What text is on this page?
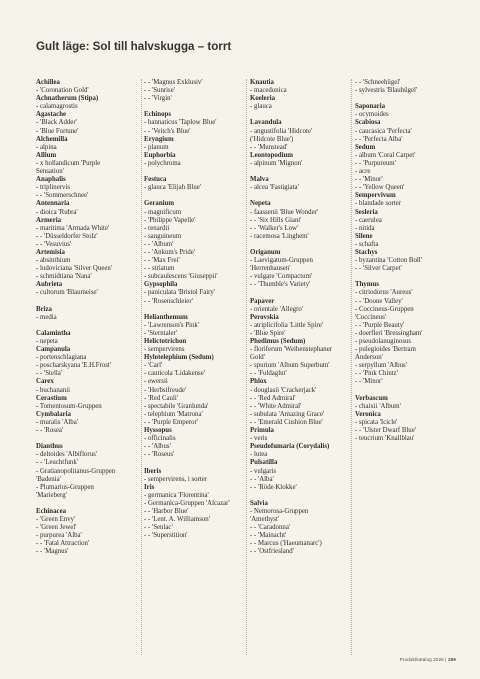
Gult läge: Sol till halvskugga – torrt
Achillea
- 'Coronation Gold'
Achnatherum (Stipa)
- calamagrostis
Agastache
- 'Black Adder'
- 'Blue Fortune'
Alchemilla
- alpina
Allium
- x hollandicum 'Purple
Sensation'
Anaphalis
- triplinervis
- - 'Sommerschnee'
Antennaria
- dioica 'Rubra'
Armeria
- maritima 'Armada White'
- - 'Düsseldorfer Stolz'
- - 'Vesuvius'
Artemisia
- absinthium
- ludoviciana 'Silver Queen'
- schmidtiana 'Nana'
Aubrieta
- cultorum 'Blaumeise'
Briza
- media
Calamintha
- nepeta
Campanula
- portenschlagiana
- poscharskyana 'E.H.Frost'
- - 'Stella'
Carex
- buchananii
Cerastium
- Tomentosum-Gruppen
Cymbalaria
- muralis 'Alba'
- - 'Rosea'
Dianthus
- deltoides 'Albiflorus'
- - 'Leuchtfunk'
- Gratianopolitanus-Gruppen
'Badenia'
- Plumarius-Gruppen
'Marieberg'
Echinacea
- 'Green Envy'
- 'Green Jewel'
- purpurea 'Alba'
- - 'Fatal Attraction'
- - 'Magnus'
- - 'Magnus Exklusiv'
- - 'Sunrise'
- - 'Virgin'
Echinops
- bannaticus 'Taplow Blue'
- - 'Veitch's Blue'
Eryngium
- planum
Euphorbia
- polychroma
Festuca
- glauca 'Elijah Blue'
Geranium
- magnificum
- 'Philippe Vapelle'
- renardii
- sanguineum
- - 'Album'
- - 'Ankum's Pride'
- - 'Max Frei'
- - striatum
- subcaulescens 'Giuseppii'
Gypsophila
- paniculata 'Bristol Fairy'
- - 'Rosenschleier'
Helianthemum
- 'Lawrenson's Pink'
- 'Sterntaler'
Helictotrichon
- sempervirens
Hylotelephium (Sedum)
- 'Carl'
- cauticola 'Lidakense'
- ewersii
- 'Herbstfreude'
- 'Red Cauli'
- spectabile 'Granlunda'
- telephium 'Matrona'
- - 'Purple Emperor'
Hyssopus
- officinalis
- - 'Albus'
- - 'Roseus'
Iberis
- sempervirens, i sorter
Iris
- germanica 'Florentina'
- Germanica-Gruppen 'Alcazar'
- - 'Harbor Blue'
- - 'Lent. A. Williamson'
- - 'Senlac'
- - 'Superstition'
Knautia
- macedonica
Koeleria
- glauca
Lavandula
- angustifolia 'Hidcote'
('Hidcote Blue')
- - 'Munstead'
Leontopodium
- alpinum 'Mignon'
Malva
- alcea 'Fastigiata'
Nepeta
- faassenii 'Blue Wonder'
- - 'Six Hills Giant'
- - 'Walker's Low'
- racemosa 'Linghem'
Origanum
- Laevigatum-Gruppen
'Herrenhausen'
- vulgare 'Compactum'
- - 'Thumble's Variety'
Papaver
- orientale 'Allegro'
Perovskia
- atriplicifolia 'Little Spire'
- 'Blue Spire'
Phedimus (Sedum)
- floriferum 'Weihenstephaner
Gold'
- spurium 'Album Superbum'
- - 'Fuldaglut'
Phlox
- douglasii 'Crackerjack'
- - 'Red Admiral'
- - 'White Admiral'
- subulata 'Amazing Grace'
- - 'Emerald Cushion Blue'
Primula
- veris
Pseudofumaria (Corydalis)
- lutea
Pulsatilla
- vulgaris
- - 'Alba'
- - 'Röde Klokke'
Salvia
- Nemorosa-Gruppen
'Amethyst'
- - 'Caradonna'
- - 'Mainacht'
- - Marcus ('Haeumanarc')
- - 'Ostfriesland'
- - 'Schneehügel'
- sylvestris 'Blauhügel'
Saponaria
- ocymoides
Scabiosa
- caucasica 'Perfecta'
- - 'Perfecta Alba'
Sedum
- album 'Coral Carpet'
- - 'Purpureum'
- acre
- - 'Minor'
- - 'Yellow Queen'
Sempervivum
- blandade sorter
Sesleria
- caerulea
- nitida
Silene
- schafta
Stachys
- byzantina 'Cotton Boll'
- - 'Silver Carpet'
Thymus
- citriodorus 'Aureus'
- - 'Doone Valley'
- Coccineus-Gruppen
'Coccineus'
- - 'Purple Beauty'
- doerfleri 'Bressingham'
- pseudolanuginosus
- pulegioides 'Bertram
Anderson'
- serpyllum 'Albus'
- - 'Pink Chintz'
- - 'Minor'
Verbascum
- chaixii 'Album'
Veronica
- spicata 'Icicle'
- - 'Ulster Dwarf Blue'
- teucrium 'Knallblau'
Produktkatalog 2026 | 269
